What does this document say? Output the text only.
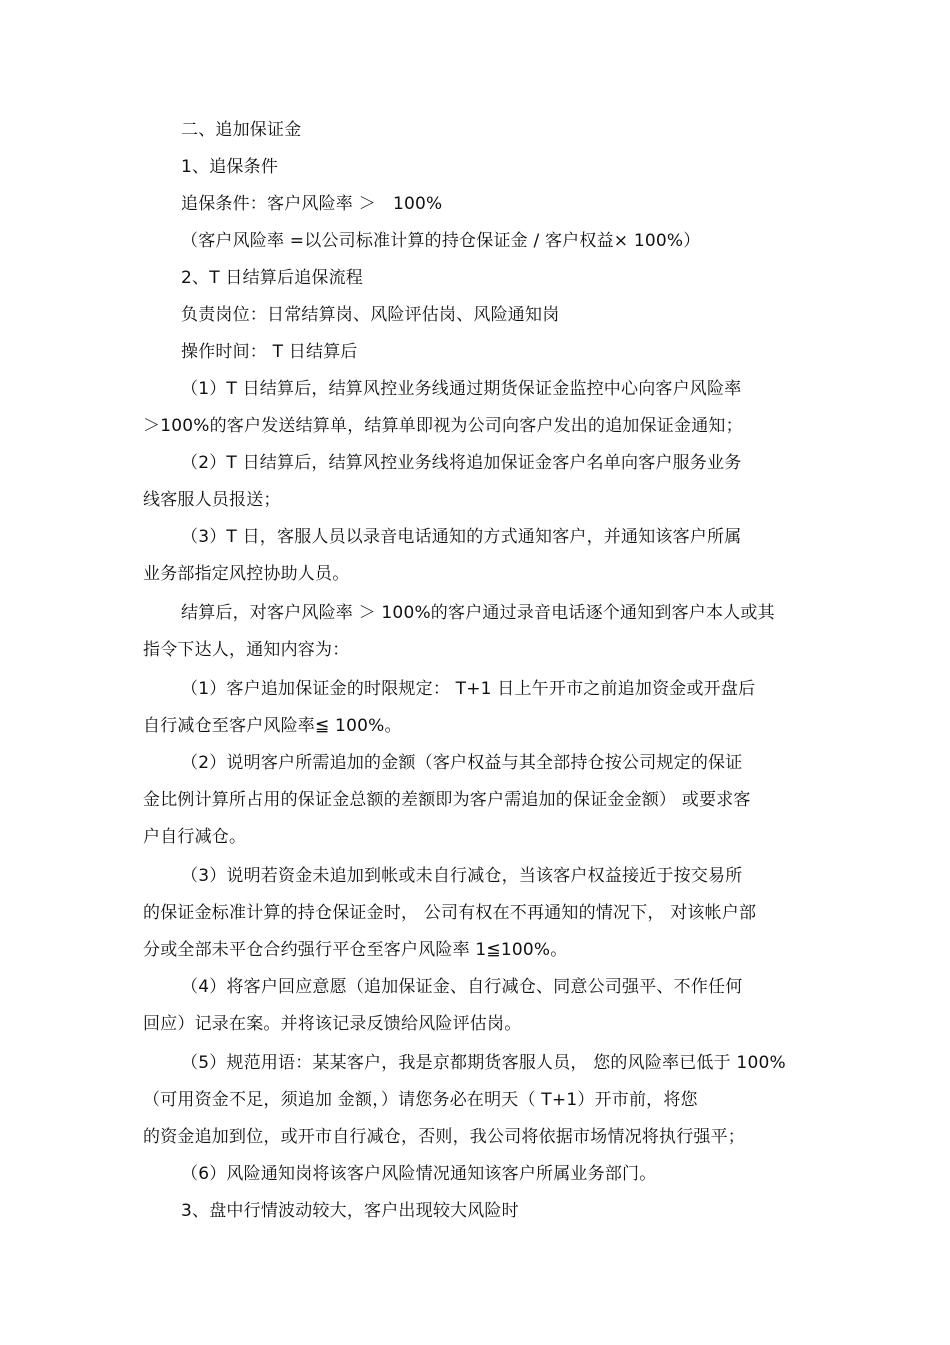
二、追加保证金
1、追保条件
追保条件：客户风险率 ＞　100%
（客户风险率 =以公司标准计算的持仓保证金 / 客户权益× 100%）
2、T 日结算后追保流程
负责岗位：日常结算岗、风险评估岗、风险通知岗
操作时间： T 日结算后
（1）T 日结算后，结算风控业务线通过期货保证金监控中心向客户风险率
＞100%的客户发送结算单，结算单即视为公司向客户发出的追加保证金通知；
（2）T 日结算后，结算风控业务线将追加保证金客户名单向客户服务业务
线客服人员报送；
（3）T 日，客服人员以录音电话通知的方式通知客户，并通知该客户所属
业务部指定风控协助人员。
结算后，对客户风险率 ＞ 100%的客户通过录音电话逐个通知到客户本人或其
指令下达人，通知内容为：
（1）客户追加保证金的时限规定： T+1 日上午开市之前追加资金或开盘后
自行减仓至客户风险率≦ 100%。
（2）说明客户所需追加的金额（客户权益与其全部持仓按公司规定的保证
金比例计算所占用的保证金总额的差额即为客户需追加的保证金金额） 或要求客
户自行减仓。
（3）说明若资金未追加到帐或未自行减仓，当该客户权益接近于按交易所
的保证金标准计算的持仓保证金时， 公司有权在不再通知的情况下， 对该帐户部
分或全部未平仓合约强行平仓至客户风险率 1≦100%。
（4）将客户回应意愿（追加保证金、自行减仓、同意公司强平、不作任何
回应）记录在案。并将该记录反馈给风险评估岗。
（5）规范用语：某某客户，我是京都期货客服人员， 您的风险率已低于 100%
（可用资金不足，须追加 金额，）请您务必在明天（ T+1）开市前，将您
的资金追加到位，或开市自行减仓，否则，我公司将依据市场情况将执行强平；
（6）风险通知岗将该客户风险情况通知该客户所属业务部门。
3、盘中行情波动较大，客户出现较大风险时
